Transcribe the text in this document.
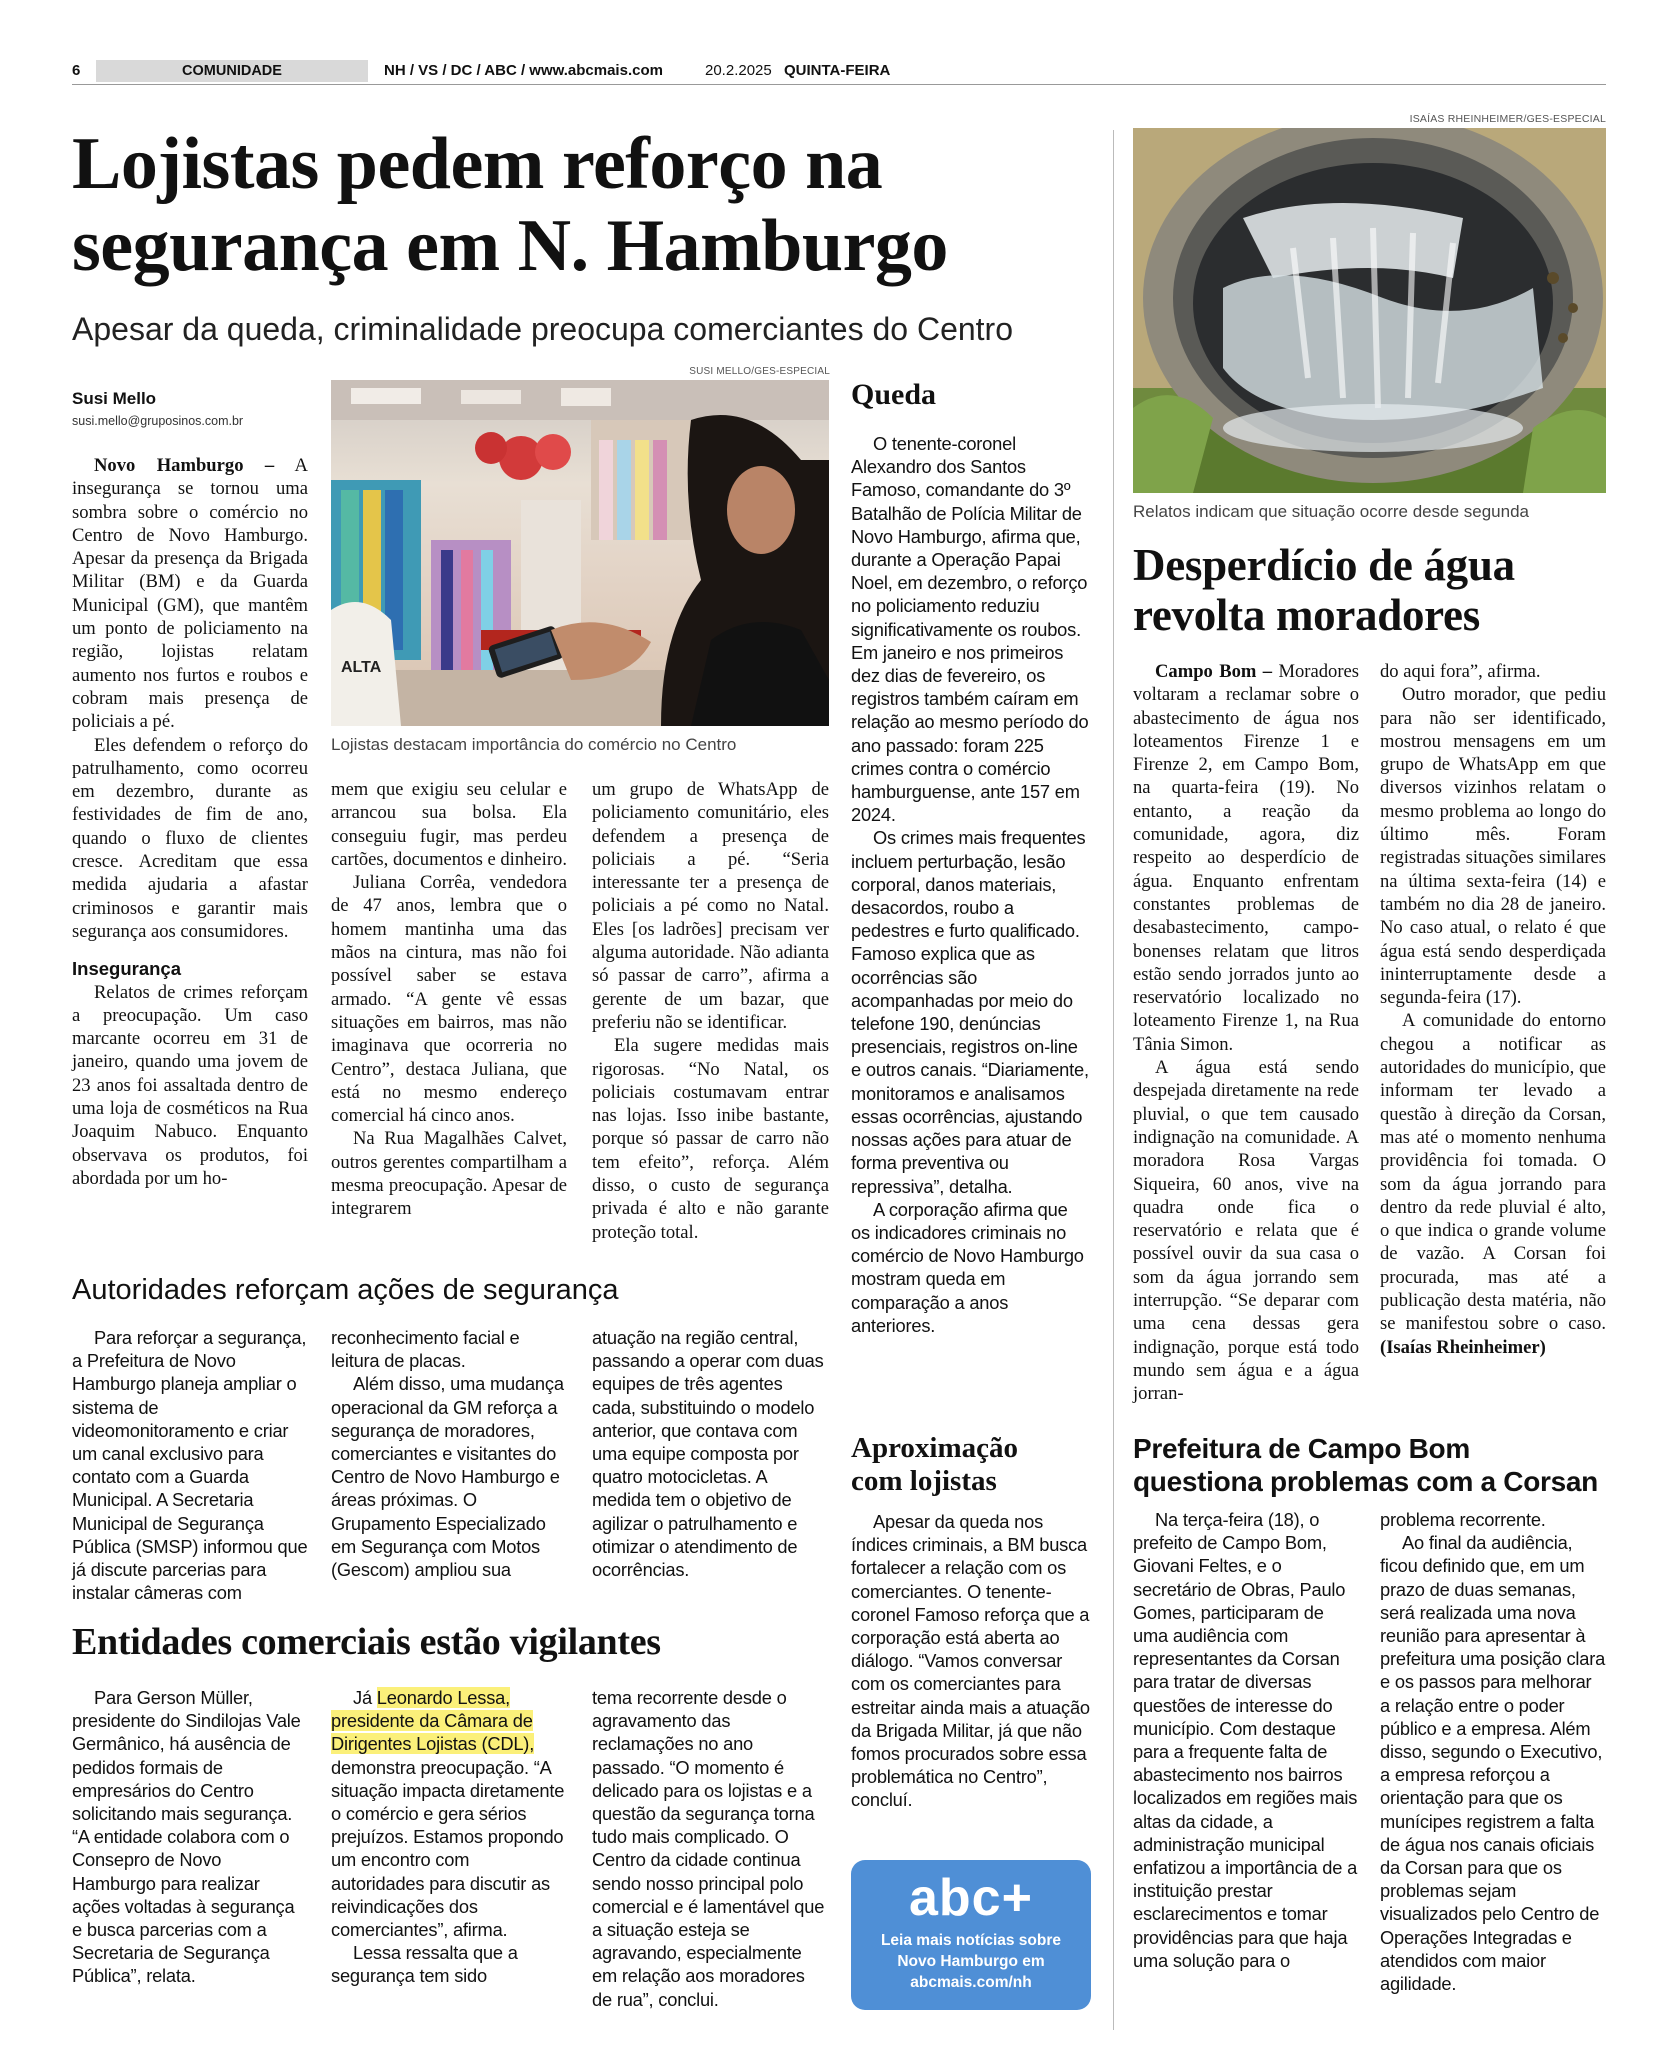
6	COMUNIDADE	NH / VS / DC / ABC / www.abcmais.com	20.2.2025 QUINTA-FEIRA
Lojistas pedem reforço na
segurança em N. Hamburgo
Apesar da queda, criminalidade preocupa comerciantes do Centro
Susi Mello
susi.mello@gruposinos.com.br
SUSI MELLO/GES-ESPECIAL
ALTA
Lojistas destacam importância do comércio no Centro

Novo Hamburgo – A insegurança se tornou uma sombra sobre o comércio no Centro de Novo Hamburgo. Apesar da presença da Brigada Militar (BM) e da Guarda Municipal (GM), que mantêm um ponto de policiamento na região, lojistas relatam aumento nos furtos e roubos e cobram mais presença de policiais a pé.

Eles defendem o reforço do patrulhamento, como ocorreu em dezembro, durante as festividades de fim de ano, quando o fluxo de clientes cresce. Acreditam que essa medida ajudaria a afastar criminosos e garantir mais segurança aos consumidores.

Insegurança

Relatos de crimes reforçam a preocupação. Um caso marcante ocorreu em 31 de janeiro, quando uma jovem de 23 anos foi assaltada dentro de uma loja de cosméticos na Rua Joaquim Nabuco. Enquanto observava os produtos, foi abordada por um ho-

mem que exigiu seu celular e arrancou sua bolsa. Ela conseguiu fugir, mas perdeu cartões, documentos e dinheiro.

Juliana Corrêa, vendedora de 47 anos, lembra que o homem mantinha uma das mãos na cintura, mas não foi possível saber se estava armado. “A gente vê essas situações em bairros, mas não imaginava que ocorreria no Centro”, destaca Juliana, que está no mesmo endereço comercial há cinco anos.

Na Rua Magalhães Calvet, outros gerentes compartilham a mesma preocupação. Apesar de integrarem

um grupo de WhatsApp de policiamento comunitário, eles defendem a presença de policiais a pé. “Seria interessante ter a presença de policiais a pé como no Natal. Eles [os ladrões] precisam ver alguma autoridade. Não adianta só passar de carro”, afirma a gerente de um bazar, que preferiu não se identificar.

Ela sugere medidas mais rigorosas. “No Natal, os policiais costumavam entrar nas lojas. Isso inibe bastante, porque só passar de carro não tem efeito”, reforça. Além disso, o custo de segurança privada é alto e não garante proteção total.

Queda

O tenente-coronel Alexandro dos Santos Famoso, comandante do 3º Batalhão de Polícia Militar de Novo Hamburgo, afirma que, durante a Operação Papai Noel, em dezembro, o reforço no policiamento reduziu significativamente os roubos. Em janeiro e nos primeiros dez dias de fevereiro, os registros também caíram em relação ao mesmo período do ano passado: foram 225 crimes contra o comércio hamburguense, ante 157 em 2024.

Os crimes mais frequentes incluem perturbação, lesão corporal, danos materiais, desacordos, roubo a pedestres e furto qualificado. Famoso explica que as ocorrências são acompanhadas por meio do telefone 190, denúncias presenciais, registros on-line e outros canais. “Diariamente, monitoramos e analisamos essas ocorrências, ajustando nossas ações para atuar de forma preventiva ou repressiva”, detalha.

A corporação afirma que os indicadores criminais no comércio de Novo Hamburgo mostram queda em comparação a anos anteriores.

Aproximação
com lojistas

Apesar da queda nos índices criminais, a BM busca fortalecer a relação com os comerciantes. O tenente-coronel Famoso reforça que a corporação está aberta ao diálogo. “Vamos conversar com os comerciantes para estreitar ainda mais a atuação da Brigada Militar, já que não fomos procurados sobre essa problemática no Centro”, concluí.

abc+
Leia mais notícias sobre
Novo Hamburgo em
abcmais.com/nh
Autoridades reforçam ações de segurança

Para reforçar a segurança, a Prefeitura de Novo Hamburgo planeja ampliar o sistema de videomonitoramento e criar um canal exclusivo para contato com a Guarda Municipal. A Secretaria Municipal de Segurança Pública (SMSP) informou que já discute parcerias para instalar câmeras com

reconhecimento facial e leitura de placas.

Além disso, uma mudança operacional da GM reforça a segurança de moradores, comerciantes e visitantes do Centro de Novo Hamburgo e áreas próximas. O Grupamento Especializado em Segurança com Motos (Gescom) ampliou sua

atuação na região central, passando a operar com duas equipes de três agentes cada, substituindo o modelo anterior, que contava com uma equipe composta por quatro motocicletas. A medida tem o objetivo de agilizar o patrulhamento e otimizar o atendimento de ocorrências.

Entidades comerciais estão vigilantes

Para Gerson Müller, presidente do Sindilojas Vale Germânico, há ausência de pedidos formais de empresários do Centro solicitando mais segurança. “A entidade colabora com o Consepro de Novo Hamburgo para realizar ações voltadas à segurança e busca parcerias com a Secretaria de Segurança Pública”, relata.

Já Leonardo Lessa, presidente da Câmara de Dirigentes Lojistas (CDL), demonstra preocupação. “A situação impacta diretamente o comércio e gera sérios prejuízos. Estamos propondo um encontro com autoridades para discutir as reivindicações dos comerciantes”, afirma.

Lessa ressalta que a segurança tem sido

tema recorrente desde o agravamento das reclamações no ano passado. “O momento é delicado para os lojistas e a questão da segurança torna tudo mais complicado. O Centro da cidade continua sendo nosso principal polo comercial e é lamentável que a situação esteja se agravando, especialmente em relação aos moradores de rua”, conclui.

ISAÍAS RHEINHEIMER/GES-ESPECIAL
Relatos indicam que situação ocorre desde segunda
Desperdício de água
revolta moradores

Campo Bom – Moradores voltaram a reclamar sobre o abastecimento de água nos loteamentos Firenze 1 e Firenze 2, em Campo Bom, na quarta-feira (19). No entanto, a reação da comunidade, agora, diz respeito ao desperdício de água. Enquanto enfrentam constantes problemas de desabastecimento, campo-bonenses relatam que litros estão sendo jorrados junto ao reservatório localizado no loteamento Firenze 1, na Rua Tânia Simon.

A água está sendo despejada diretamente na rede pluvial, o que tem causado indignação na comunidade. A moradora Rosa Vargas Siqueira, 60 anos, vive na quadra onde fica o reservatório e relata que é possível ouvir da sua casa o som da água jorrando sem interrupção. “Se deparar com uma cena dessas gera indignação, porque está todo mundo sem água e a água jorran-

do aqui fora”, afirma.

Outro morador, que pediu para não ser identificado, mostrou mensagens em um grupo de WhatsApp em que diversos vizinhos relatam o mesmo problema ao longo do último mês. Foram registradas situações similares na última sexta-feira (14) e também no dia 28 de janeiro. No caso atual, o relato é que água está sendo desperdiçada ininterruptamente desde a segunda-feira (17).

A comunidade do entorno chegou a notificar as autoridades do município, que informam ter levado a questão à direção da Corsan, mas até o momento nenhuma providência foi tomada. O som da água jorrando para dentro da rede pluvial é alto, o que indica o grande volume de vazão. A Corsan foi procurada, mas até a publicação desta matéria, não se manifestou sobre o caso. (Isaías Rheinheimer)

Prefeitura de Campo Bom
questiona problemas com a Corsan

Na terça-feira (18), o prefeito de Campo Bom, Giovani Feltes, e o secretário de Obras, Paulo Gomes, participaram de uma audiência com representantes da Corsan para tratar de diversas questões de interesse do município. Com destaque para a frequente falta de abastecimento nos bairros localizados em regiões mais altas da cidade, a administração municipal enfatizou a importância de a instituição prestar esclarecimentos e tomar providências para que haja uma solução para o

problema recorrente.

Ao final da audiência, ficou definido que, em um prazo de duas semanas, será realizada uma nova reunião para apresentar à prefeitura uma posição clara e os passos para melhorar a relação entre o poder público e a empresa. Além disso, segundo o Executivo, a empresa reforçou a orientação para que os munícipes registrem a falta de água nos canais oficiais da Corsan para que os problemas sejam visualizados pelo Centro de Operações Integradas e atendidos com maior agilidade.
